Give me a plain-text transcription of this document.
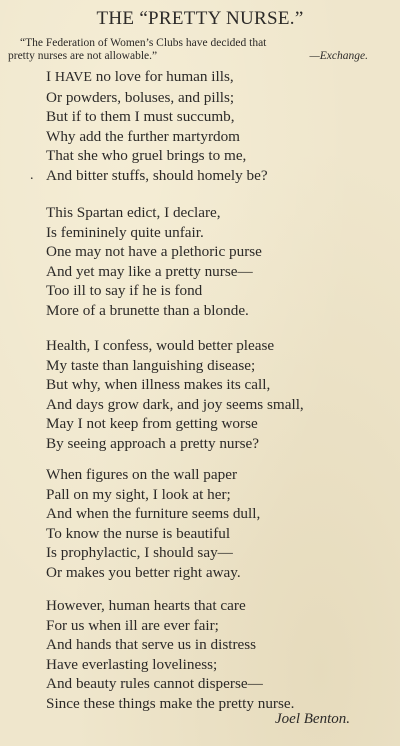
THE “PRETTY NURSE.”
“The Federation of Women’s Clubs have decided that
pretty nurses are not allowable.”	—Exchange.
.
I HAVE no love for human ills,
Or powders, boluses, and pills;
But if to them I must succumb,
Why add the further martyrdom
That she who gruel brings to me,
And bitter stuffs, should homely be?
This Spartan edict, I declare,
Is femininely quite unfair.
One may not have a plethoric purse
And yet may like a pretty nurse—
Too ill to say if he is fond
More of a brunette than a blonde.
Health, I confess, would better please
My taste than languishing disease;
But why, when illness makes its call,
And days grow dark, and joy seems small,
May I not keep from getting worse
By seeing approach a pretty nurse?
When figures on the wall paper
Pall on my sight, I look at her;
And when the furniture seems dull,
To know the nurse is beautiful
Is prophylactic, I should say—
Or makes you better right away.
However, human hearts that care
For us when ill are ever fair;
And hands that serve us in distress
Have everlasting loveliness;
And beauty rules cannot disperse—
Since these things make the pretty nurse.
Joel Benton.
